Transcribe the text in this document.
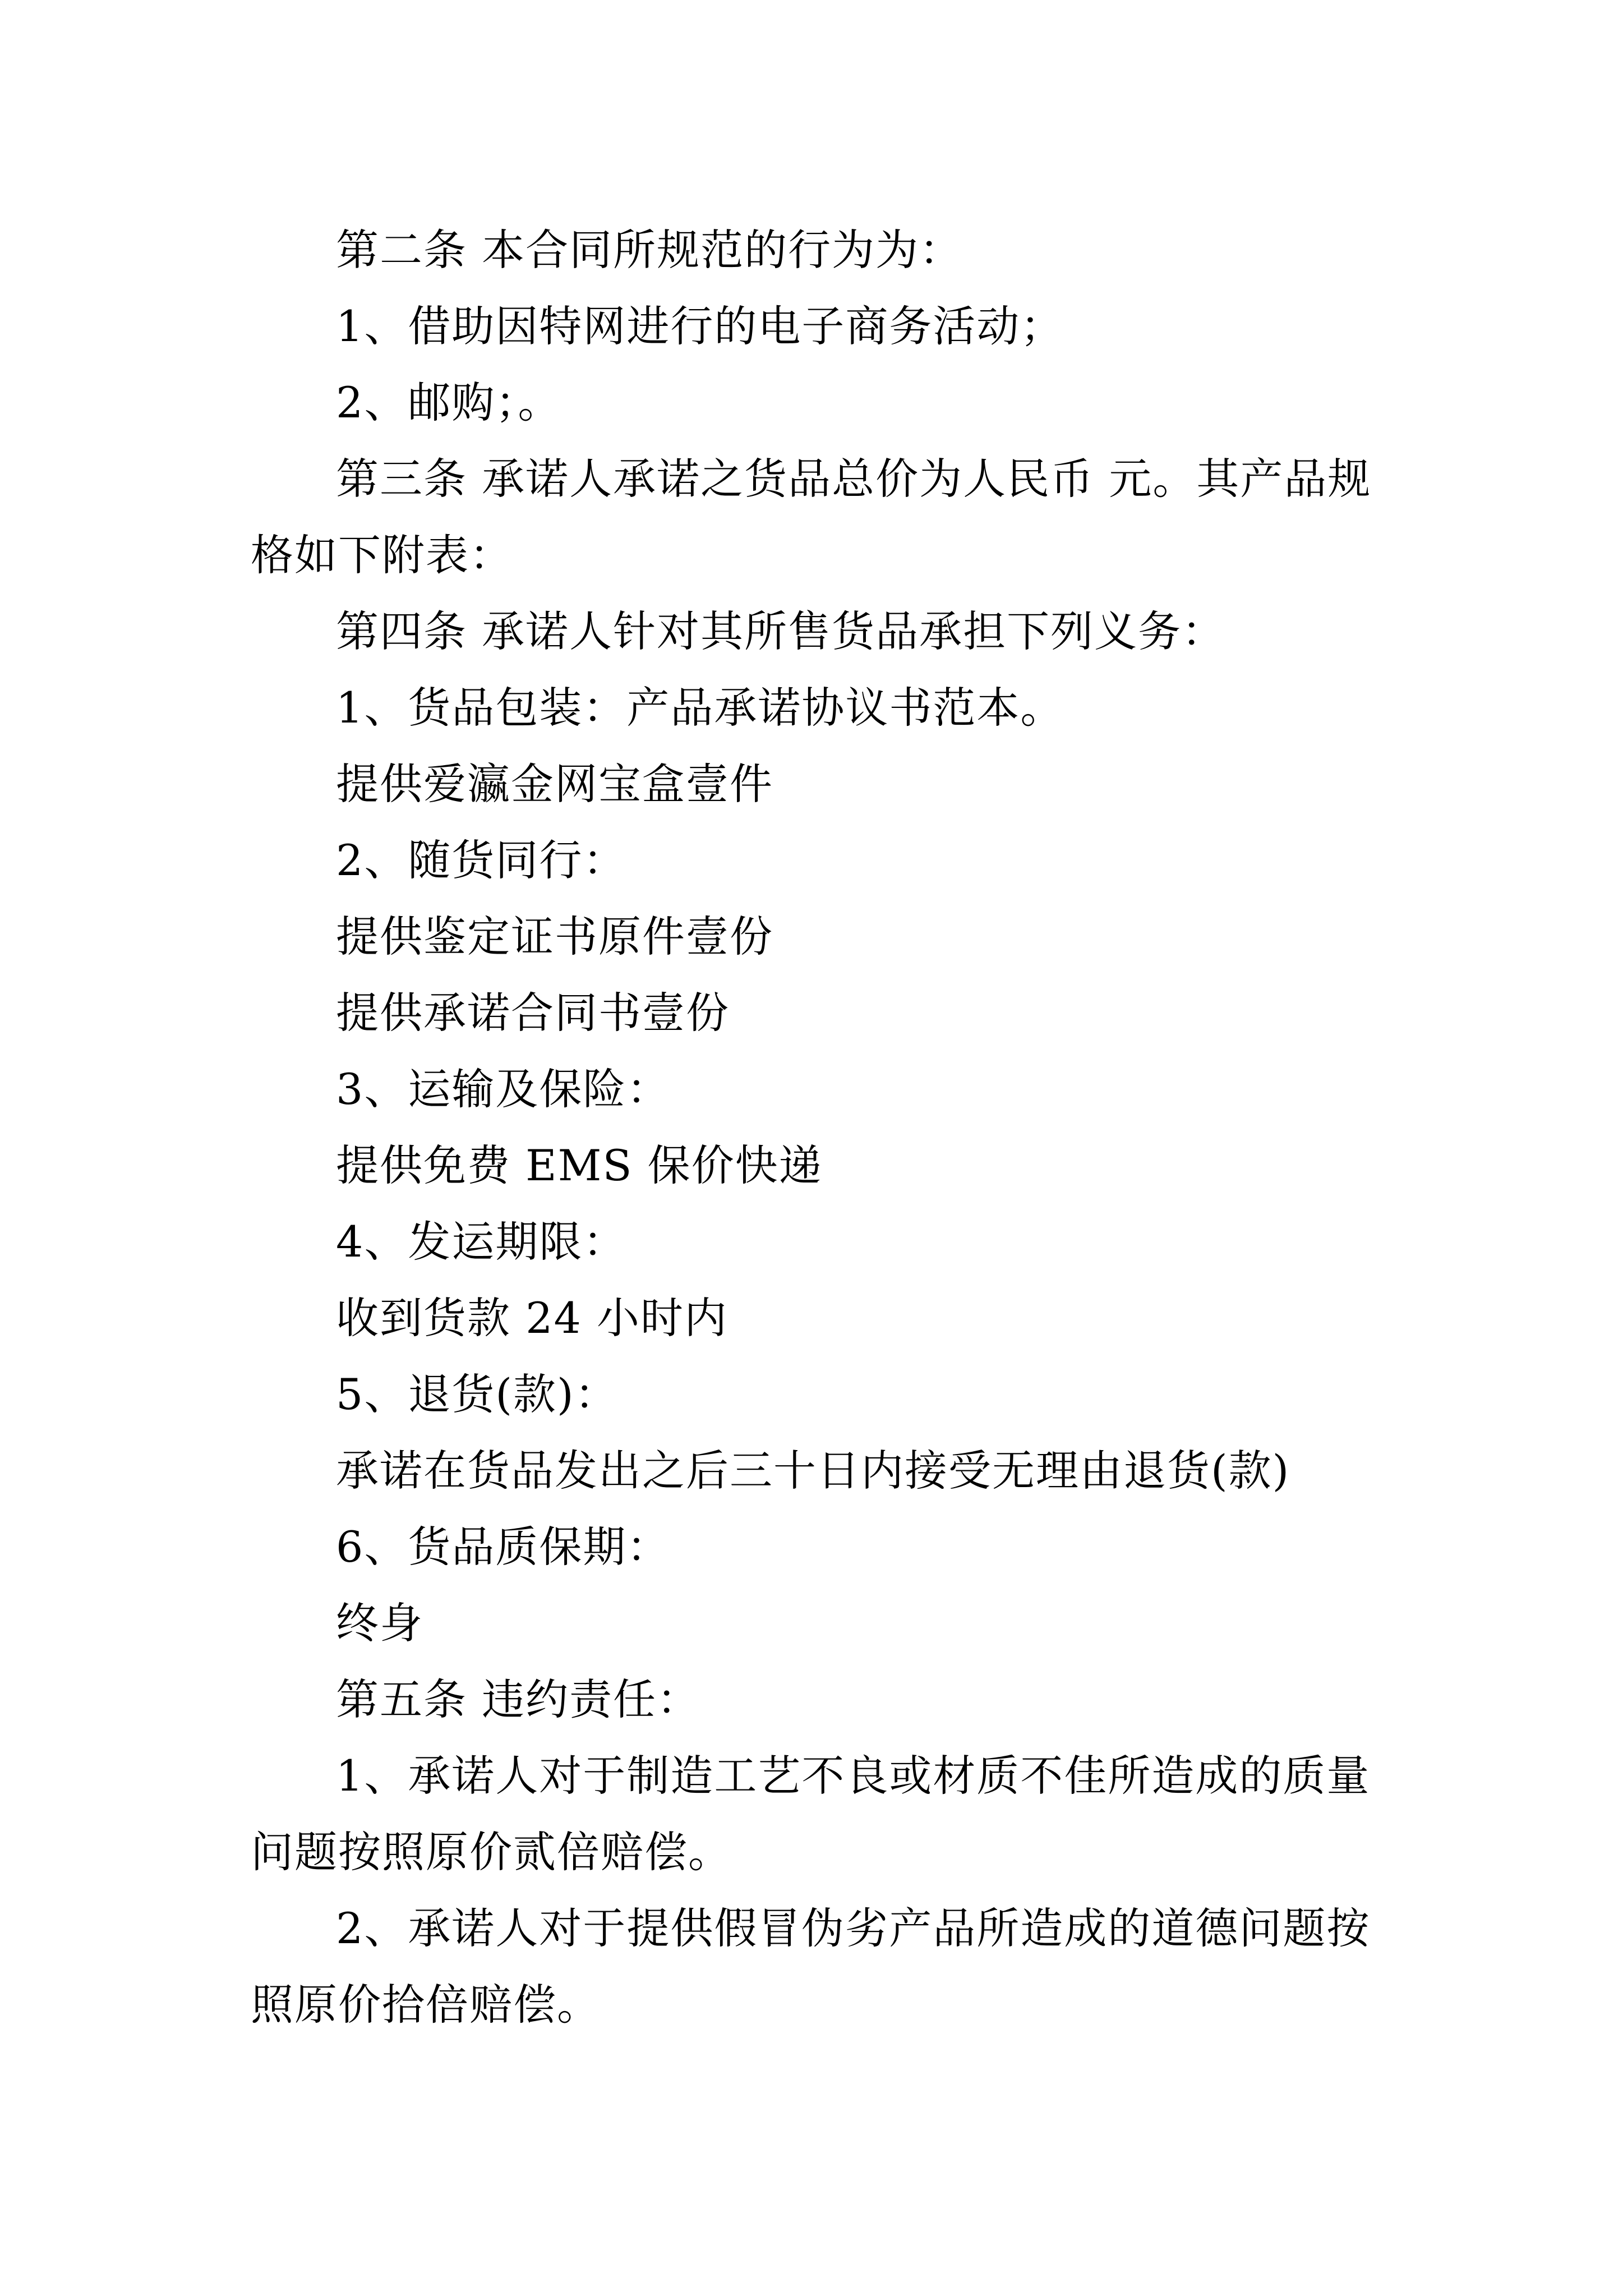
第二条 本合同所规范的行为为：

1、借助因特网进行的电子商务活动；

2、邮购；。

第三条 承诺人承诺之货品总价为人民币 元。其产品规格如下附表：

第四条 承诺人针对其所售货品承担下列义务：

1、货品包装：产品承诺协议书范本。

提供爱瀛金网宝盒壹件

2、随货同行：

提供鉴定证书原件壹份

提供承诺合同书壹份

3、运输及保险：

提供免费 EMS 保价快递

4、发运期限：

收到货款 24 小时内

5、退货(款)：

承诺在货品发出之后三十日内接受无理由退货(款)

6、货品质保期：

终身

第五条 违约责任：

1、承诺人对于制造工艺不良或材质不佳所造成的质量问题按照原价贰倍赔偿。

2、承诺人对于提供假冒伪劣产品所造成的道德问题按照原价拾倍赔偿。
